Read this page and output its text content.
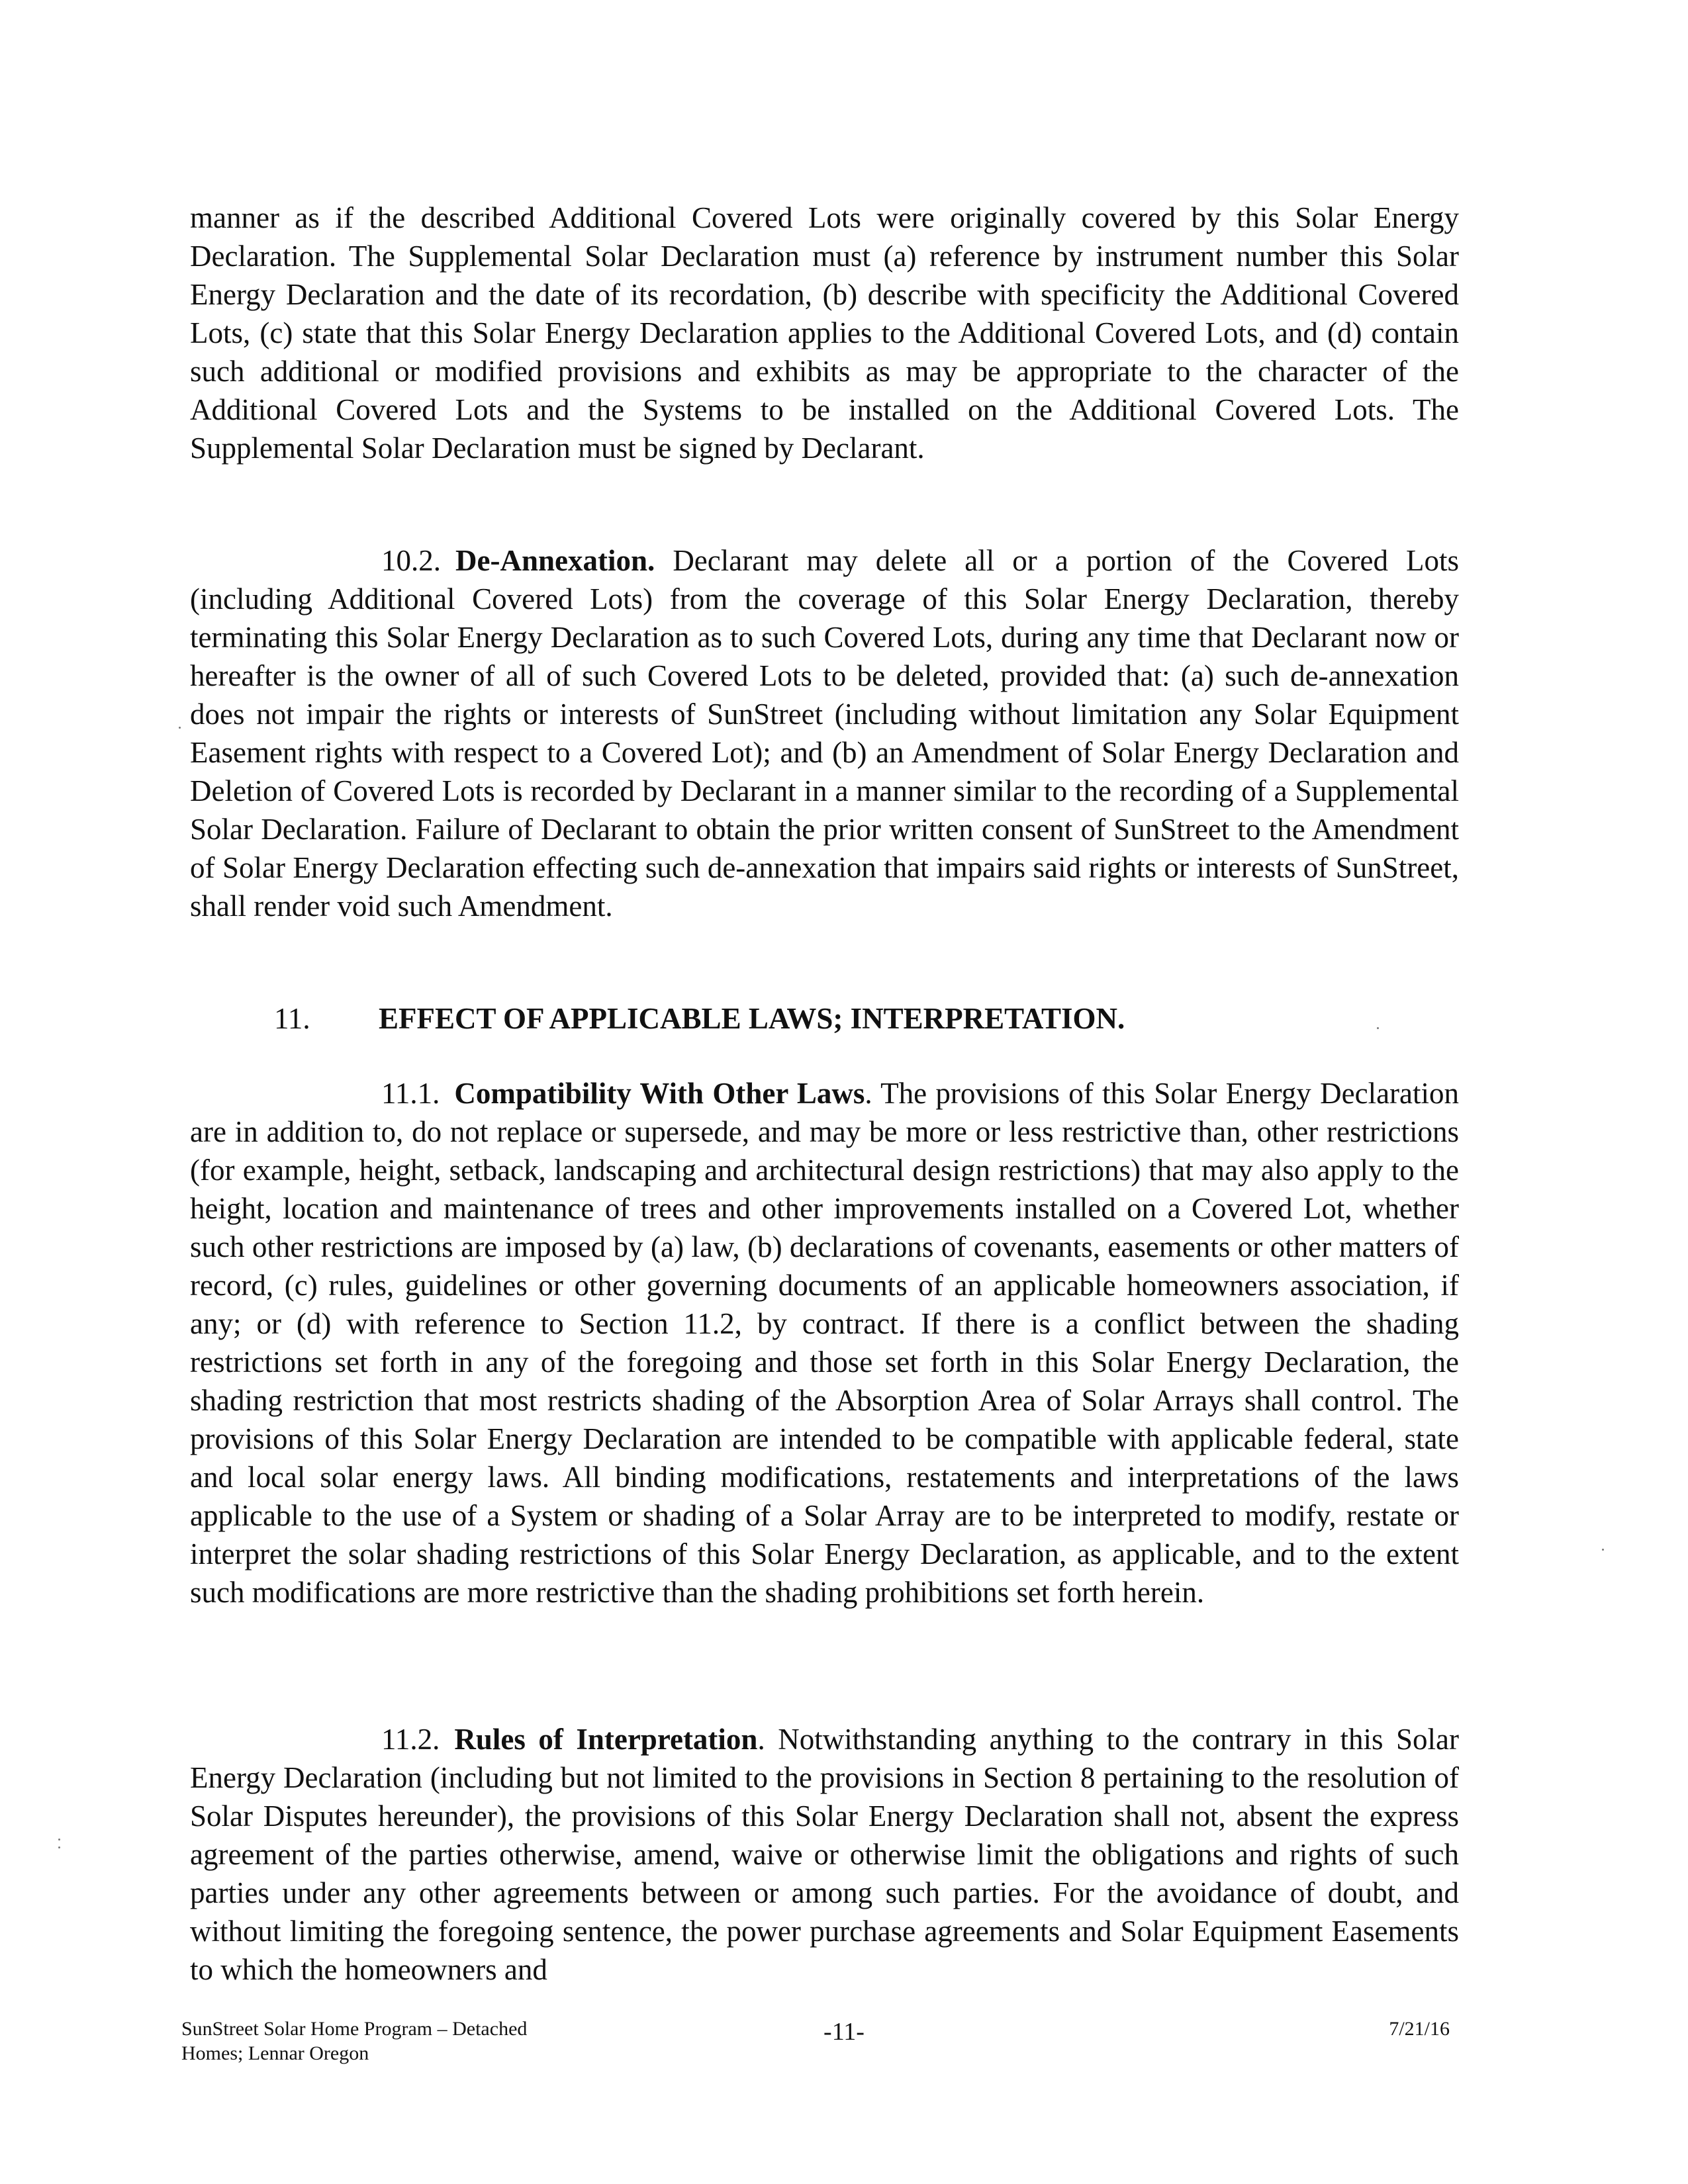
manner as if the described Additional Covered Lots were originally covered by this Solar Energy Declaration. The Supplemental Solar Declaration must (a) reference by instrument number this Solar Energy Declaration and the date of its recordation, (b) describe with specificity the Additional Covered Lots, (c) state that this Solar Energy Declaration applies to the Additional Covered Lots, and (d) contain such additional or modified provisions and exhibits as may be appropriate to the character of the Additional Covered Lots and the Systems to be installed on the Additional Covered Lots. The Supplemental Solar Declaration must be signed by Declarant.

10.2. De-Annexation. Declarant may delete all or a portion of the Covered Lots (including Additional Covered Lots) from the coverage of this Solar Energy Declaration, thereby terminating this Solar Energy Declaration as to such Covered Lots, during any time that Declarant now or hereafter is the owner of all of such Covered Lots to be deleted, provided that: (a) such de-annexation does not impair the rights or interests of SunStreet (including without limitation any Solar Equipment Easement rights with respect to a Covered Lot); and (b) an Amendment of Solar Energy Declaration and Deletion of Covered Lots is recorded by Declarant in a manner similar to the recording of a Supplemental Solar Declaration. Failure of Declarant to obtain the prior written consent of SunStreet to the Amendment of Solar Energy Declaration effecting such de-annexation that impairs said rights or interests of SunStreet, shall render void such Amendment.

11. EFFECT OF APPLICABLE LAWS; INTERPRETATION.

11.1. Compatibility With Other Laws. The provisions of this Solar Energy Declaration are in addition to, do not replace or supersede, and may be more or less restrictive than, other restrictions (for example, height, setback, landscaping and architectural design restrictions) that may also apply to the height, location and maintenance of trees and other improvements installed on a Covered Lot, whether such other restrictions are imposed by (a) law, (b) declarations of covenants, easements or other matters of record, (c) rules, guidelines or other governing documents of an applicable homeowners association, if any; or (d) with reference to Section 11.2, by contract. If there is a conflict between the shading restrictions set forth in any of the foregoing and those set forth in this Solar Energy Declaration, the shading restriction that most restricts shading of the Absorption Area of Solar Arrays shall control. The provisions of this Solar Energy Declaration are intended to be compatible with applicable federal, state and local solar energy laws. All binding modifications, restatements and interpretations of the laws applicable to the use of a System or shading of a Solar Array are to be interpreted to modify, restate or interpret the solar shading restrictions of this Solar Energy Declaration, as applicable, and to the extent such modifications are more restrictive than the shading prohibitions set forth herein.

11.2. Rules of Interpretation. Notwithstanding anything to the contrary in this Solar Energy Declaration (including but not limited to the provisions in Section 8 pertaining to the resolution of Solar Disputes hereunder), the provisions of this Solar Energy Declaration shall not, absent the express agreement of the parties otherwise, amend, waive or otherwise limit the obligations and rights of such parties under any other agreements between or among such parties. For the avoidance of doubt, and without limiting the foregoing sentence, the power purchase agreements and Solar Equipment Easements to which the homeowners and

SunStreet Solar Home Program – Detached
Homes; Lennar Oregon
-11-	7/21/16
